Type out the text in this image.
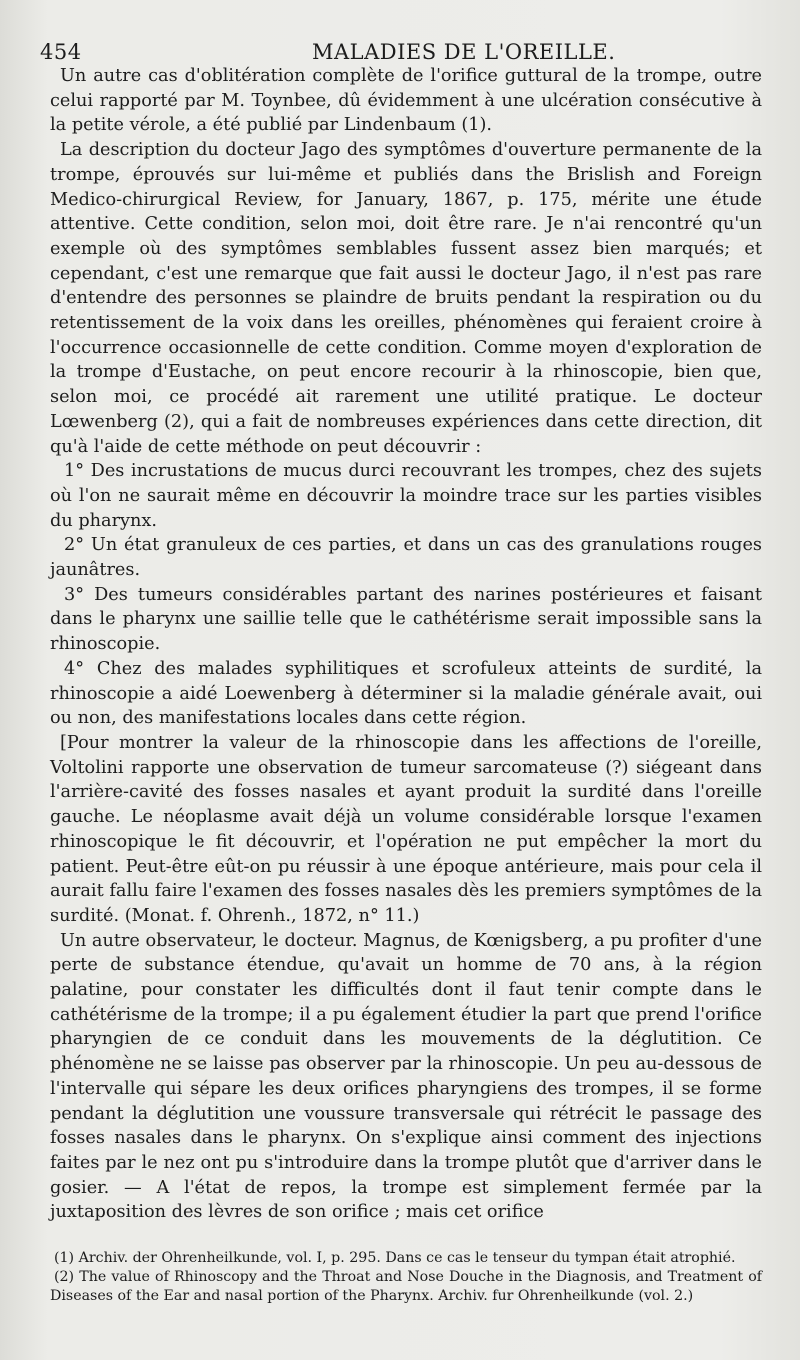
454	MALADIES DE L'OREILLE.

Un autre cas d'oblitération complète de l'orifice guttural de la trompe, outre celui rapporté par M. Toynbee, dû évidemment à une ulcération consécutive à la petite vérole, a été publié par Lindenbaum (1).

La description du docteur Jago des symptômes d'ouverture permanente de la trompe, éprouvés sur lui-même et publiés dans the Brislish and Foreign Medico-chirurgical Review, for January, 1867, p. 175, mérite une étude attentive. Cette condition, selon moi, doit être rare. Je n'ai rencontré qu'un exemple où des symptômes semblables fussent assez bien marqués; et cependant, c'est une remarque que fait aussi le docteur Jago, il n'est pas rare d'entendre des personnes se plaindre de bruits pendant la respiration ou du retentissement de la voix dans les oreilles, phénomènes qui feraient croire à l'occurrence occasionnelle de cette condition. Comme moyen d'exploration de la trompe d'Eustache, on peut encore recourir à la rhinoscopie, bien que, selon moi, ce procédé ait rarement une utilité pratique. Le docteur Lœwenberg (2), qui a fait de nombreuses expériences dans cette direction, dit qu'à l'aide de cette méthode on peut découvrir :

1° Des incrustations de mucus durci recouvrant les trompes, chez des sujets où l'on ne saurait même en découvrir la moindre trace sur les parties visibles du pharynx.

2° Un état granuleux de ces parties, et dans un cas des granulations rouges jaunâtres.

3° Des tumeurs considérables partant des narines postérieures et faisant dans le pharynx une saillie telle que le cathétérisme serait impossible sans la rhinoscopie.

4° Chez des malades syphilitiques et scrofuleux atteints de surdité, la rhinoscopie a aidé Loewenberg à déterminer si la maladie générale avait, oui ou non, des manifestations locales dans cette région.

[Pour montrer la valeur de la rhinoscopie dans les affections de l'oreille, Voltolini rapporte une observation de tumeur sarcomateuse (?) siégeant dans l'arrière-cavité des fosses nasales et ayant produit la surdité dans l'oreille gauche. Le néoplasme avait déjà un volume considérable lorsque l'examen rhinoscopique le fit découvrir, et l'opération ne put empêcher la mort du patient. Peut-être eût-on pu réussir à une époque antérieure, mais pour cela il aurait fallu faire l'examen des fosses nasales dès les premiers symptômes de la surdité. (Monat. f. Ohrenh., 1872, n° 11.)

Un autre observateur, le docteur. Magnus, de Kœnigsberg, a pu profiter d'une perte de substance étendue, qu'avait un homme de 70 ans, à la région palatine, pour constater les difficultés dont il faut tenir compte dans le cathétérisme de la trompe; il a pu également étudier la part que prend l'orifice pharyngien de ce conduit dans les mouvements de la déglutition. Ce phénomène ne se laisse pas observer par la rhinoscopie. Un peu au-dessous de l'intervalle qui sépare les deux orifices pharyngiens des trompes, il se forme pendant la déglutition une voussure transversale qui rétrécit le passage des fosses nasales dans le pharynx. On s'explique ainsi comment des injections faites par le nez ont pu s'introduire dans la trompe plutôt que d'arriver dans le gosier. — A l'état de repos, la trompe est simplement fermée par la juxtaposition des lèvres de son orifice ; mais cet orifice

(1) Archiv. der Ohrenheilkunde, vol. I, p. 295. Dans ce cas le tenseur du tympan était atrophié.

(2) The value of Rhinoscopy and the Throat and Nose Douche in the Diagnosis, and Treatment of Diseases of the Ear and nasal portion of the Pharynx. Archiv. fur Ohrenheilkunde (vol. 2.)
